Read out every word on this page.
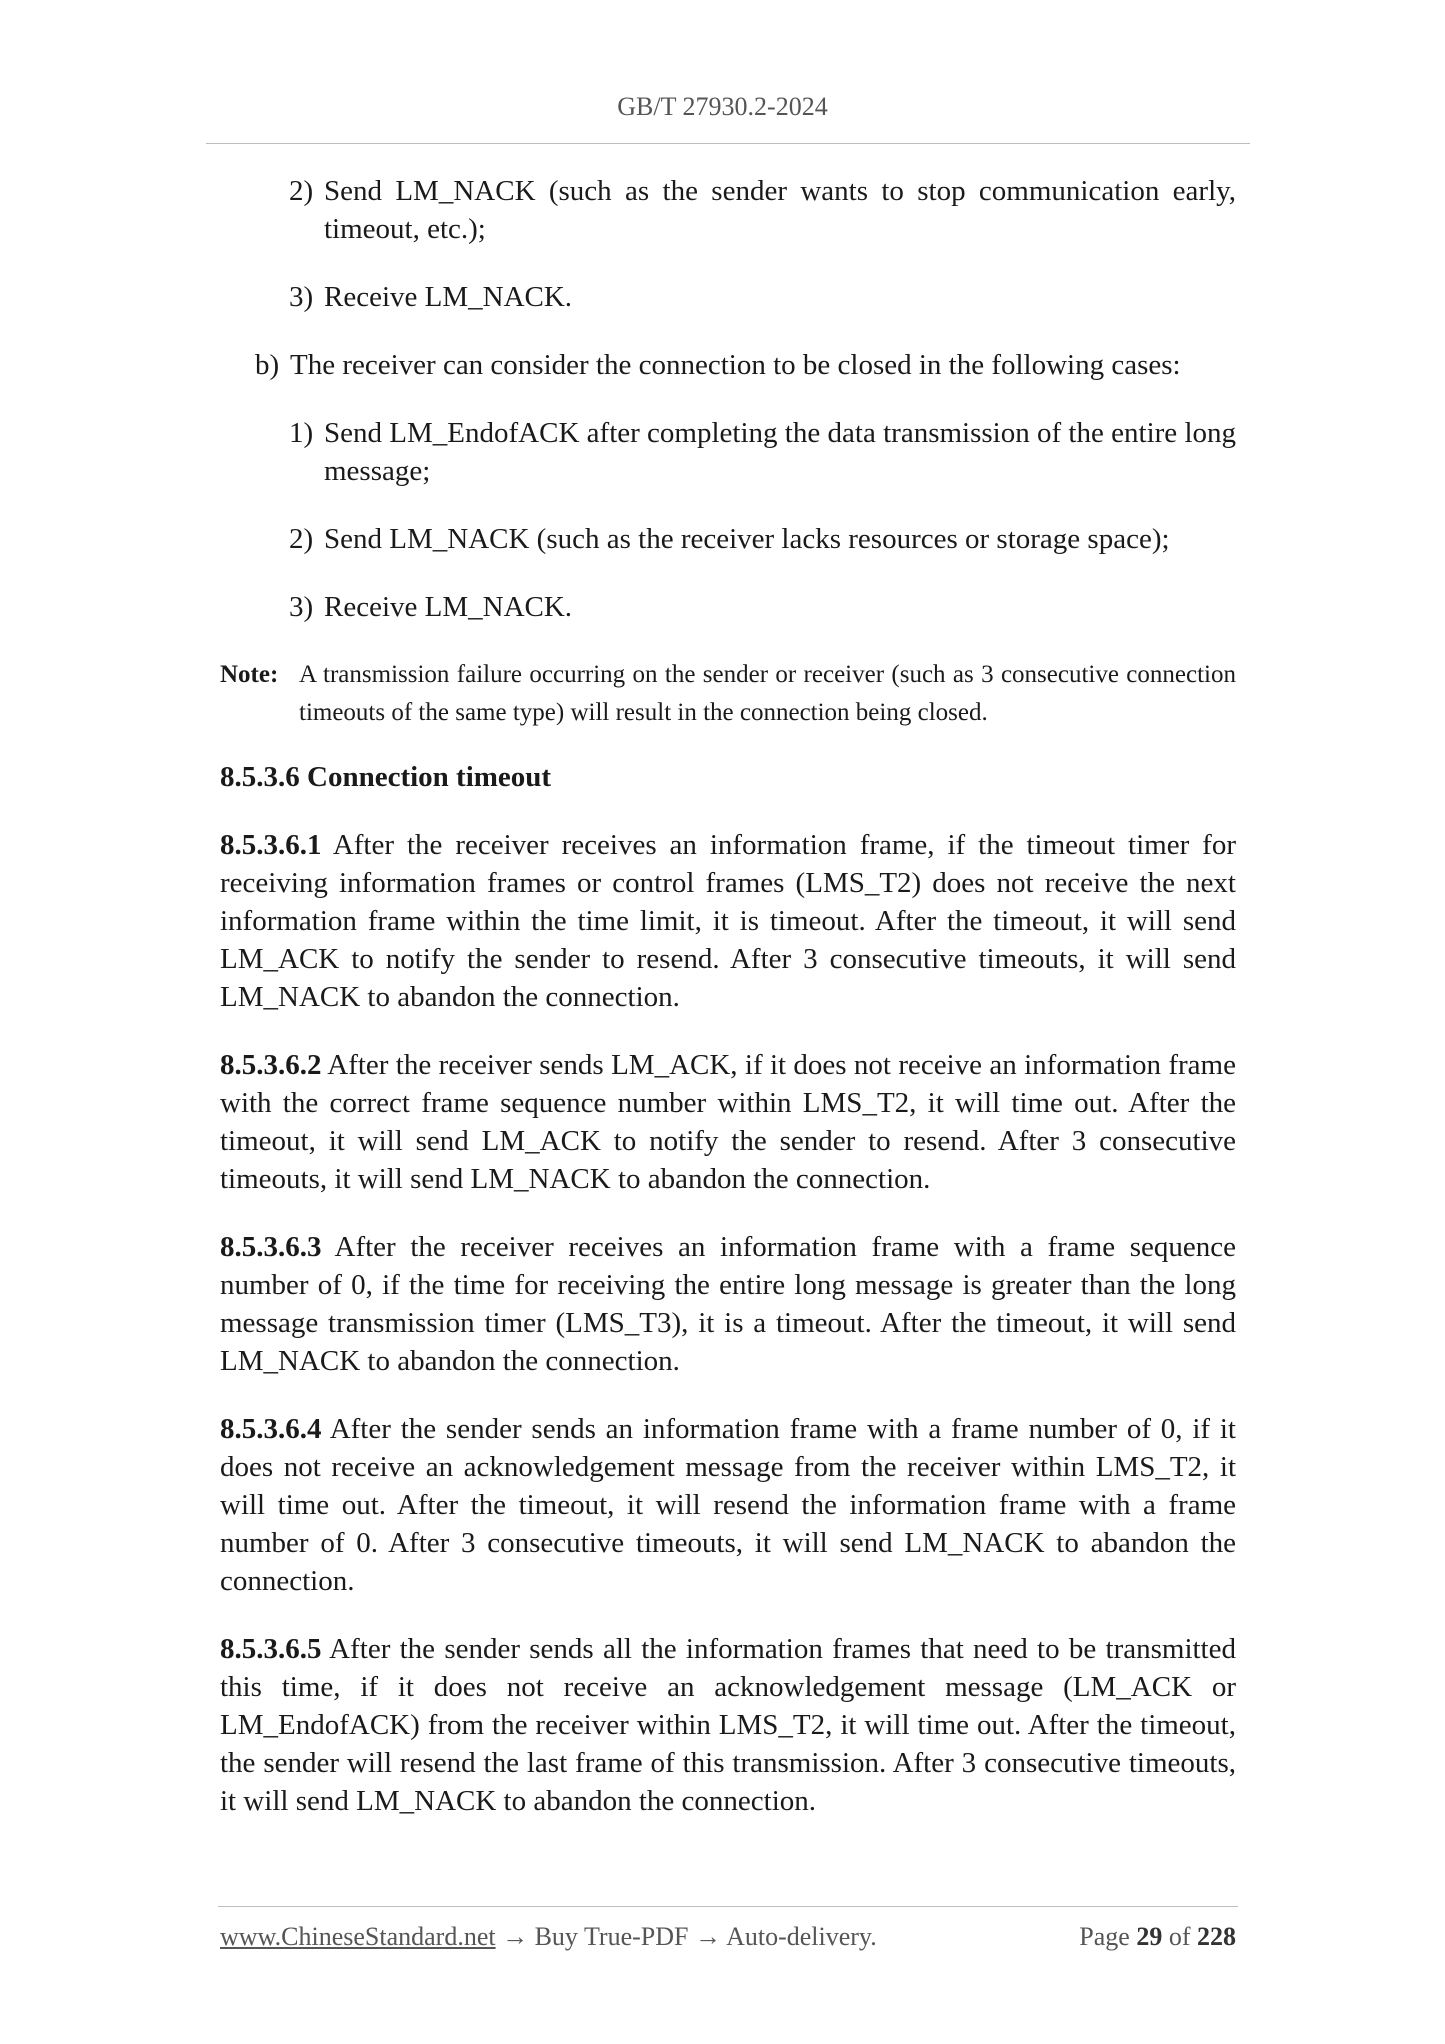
GB/T 27930.2-2024
2) Send LM_NACK (such as the sender wants to stop communication early, timeout, etc.);
3) Receive LM_NACK.
b) The receiver can consider the connection to be closed in the following cases:
1) Send LM_EndofACK after completing the data transmission of the entire long message;
2) Send LM_NACK (such as the receiver lacks resources or storage space);
3) Receive LM_NACK.
Note: A transmission failure occurring on the sender or receiver (such as 3 consecutive connection timeouts of the same type) will result in the connection being closed.
8.5.3.6 Connection timeout
8.5.3.6.1 After the receiver receives an information frame, if the timeout timer for receiving information frames or control frames (LMS_T2) does not receive the next information frame within the time limit, it is timeout. After the timeout, it will send LM_ACK to notify the sender to resend. After 3 consecutive timeouts, it will send LM_NACK to abandon the connection.
8.5.3.6.2 After the receiver sends LM_ACK, if it does not receive an information frame with the correct frame sequence number within LMS_T2, it will time out. After the timeout, it will send LM_ACK to notify the sender to resend. After 3 consecutive timeouts, it will send LM_NACK to abandon the connection.
8.5.3.6.3 After the receiver receives an information frame with a frame sequence number of 0, if the time for receiving the entire long message is greater than the long message transmission timer (LMS_T3), it is a timeout. After the timeout, it will send LM_NACK to abandon the connection.
8.5.3.6.4 After the sender sends an information frame with a frame number of 0, if it does not receive an acknowledgement message from the receiver within LMS_T2, it will time out. After the timeout, it will resend the information frame with a frame number of 0. After 3 consecutive timeouts, it will send LM_NACK to abandon the connection.
8.5.3.6.5 After the sender sends all the information frames that need to be transmitted this time, if it does not receive an acknowledgement message (LM_ACK or LM_EndofACK) from the receiver within LMS_T2, it will time out. After the timeout, the sender will resend the last frame of this transmission. After 3 consecutive timeouts, it will send LM_NACK to abandon the connection.
www.ChineseStandard.net → Buy True-PDF → Auto-delivery.	Page 29 of 228
